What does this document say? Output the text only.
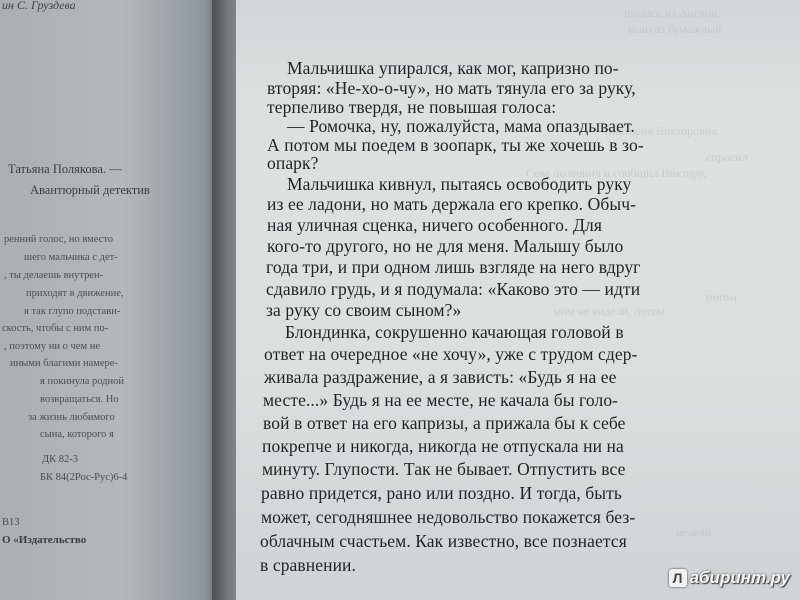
ин С. Груздева
Татьяна Полякова. —
Авантюрный детектив
ренний голос, но вместо
шего мальчика с дет-
, ты делаешь внутрен-
приходят в движение,
я так глупо подстави-
скость, чтобы с ним по-
, поэтому ни о чем не
иными благими намере-
я покинула родной
возвращаться. Но
за жизнь любимого
сына, которого я
ДК 82-3
БК 84(2Рос-Рус)6-4
В13
О «Издательство
шилась из Англии,
вынула бумажный
Виктория Викторовна
спросил
Сева позвонил и сообщил Виктору,
потом
ним не видели, потом
недели
Мальчишка упирался, как мог, капризно по-
вторяя: «Не-хо-о-чу», но мать тянула его за руку,
терпеливо твердя, не повышая голоса:
— Ромочка, ну, пожалуйста, мама опаздывает.
А потом мы поедем в зоопарк, ты же хочешь в зо-
опарк?
Мальчишка кивнул, пытаясь освободить руку
из ее ладони, но мать держала его крепко. Обыч-
ная уличная сценка, ничего особенного. Для
кого-то другого, но не для меня. Малышу было
года три, и при одном лишь взгляде на него вдруг
сдавило грудь, и я подумала: «Каково это — идти
за руку со своим сыном?»
Блондинка, сокрушенно качающая головой в
ответ на очередное «не хочу», уже с трудом сдер-
живала раздражение, а я зависть: «Будь я на ее
месте...» Будь я на ее месте, не качала бы голо-
вой в ответ на его капризы, а прижала бы к себе
покрепче и никогда, никогда не отпускала ни на
минуту. Глупости. Так не бывает. Отпустить все
равно придется, рано или поздно. И тогда, быть
может, сегодняшнее недовольство покажется без-
облачным счастьем. Как известно, все познается
в сравнении.
Л абиринт.ру
